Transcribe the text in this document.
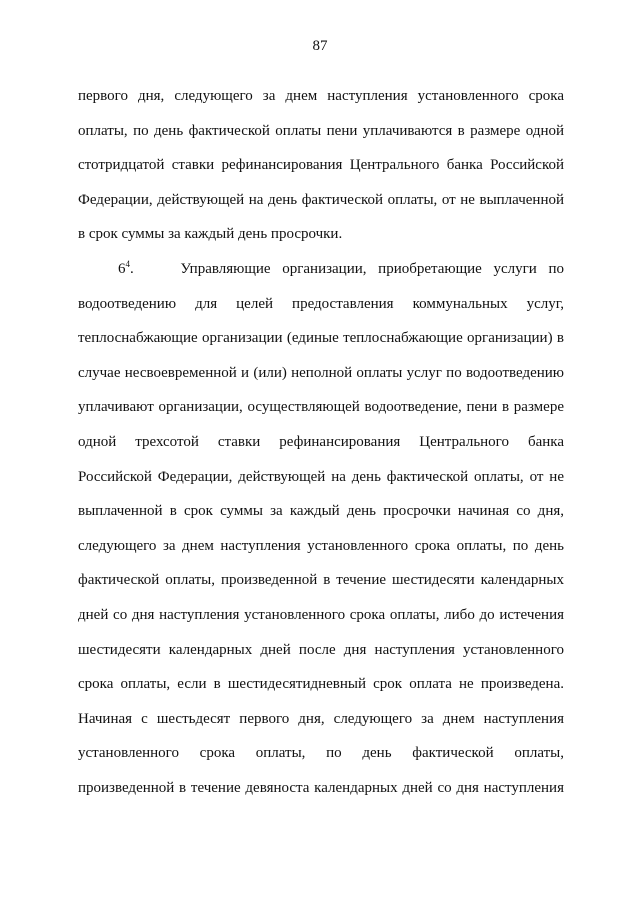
87
первого дня, следующего за днем наступления установленного срока
оплаты, по день фактической оплаты пени уплачиваются в размере одной
стотридцатой ставки рефинансирования Центрального банка Российской
Федерации, действующей на день фактической оплаты, от не выплаченной
в срок суммы за каждый день просрочки.
$6^4$.	Управляющие организации, приобретающие услуги по
водоотведению для целей предоставления коммунальных услуг,
теплоснабжающие организации (единые теплоснабжающие организации) в
случае несвоевременной и (или) неполной оплаты услуг по водоотведению
уплачивают организации, осуществляющей водоотведение, пени в размере
одной трехсотой ставки рефинансирования Центрального банка
Российской Федерации, действующей на день фактической оплаты, от не
выплаченной в срок суммы за каждый день просрочки начиная со дня,
следующего за днем наступления установленного срока оплаты, по день
фактической оплаты, произведенной в течение шестидесяти календарных
дней со дня наступления установленного срока оплаты, либо до истечения
шестидесяти календарных дней после дня наступления установленного
срока оплаты, если в шестидесятидневный срок оплата не произведена.
Начиная с шестьдесят первого дня, следующего за днем наступления
установленного срока оплаты, по день фактической оплаты,
произведенной в течение девяноста календарных дней со дня наступления
